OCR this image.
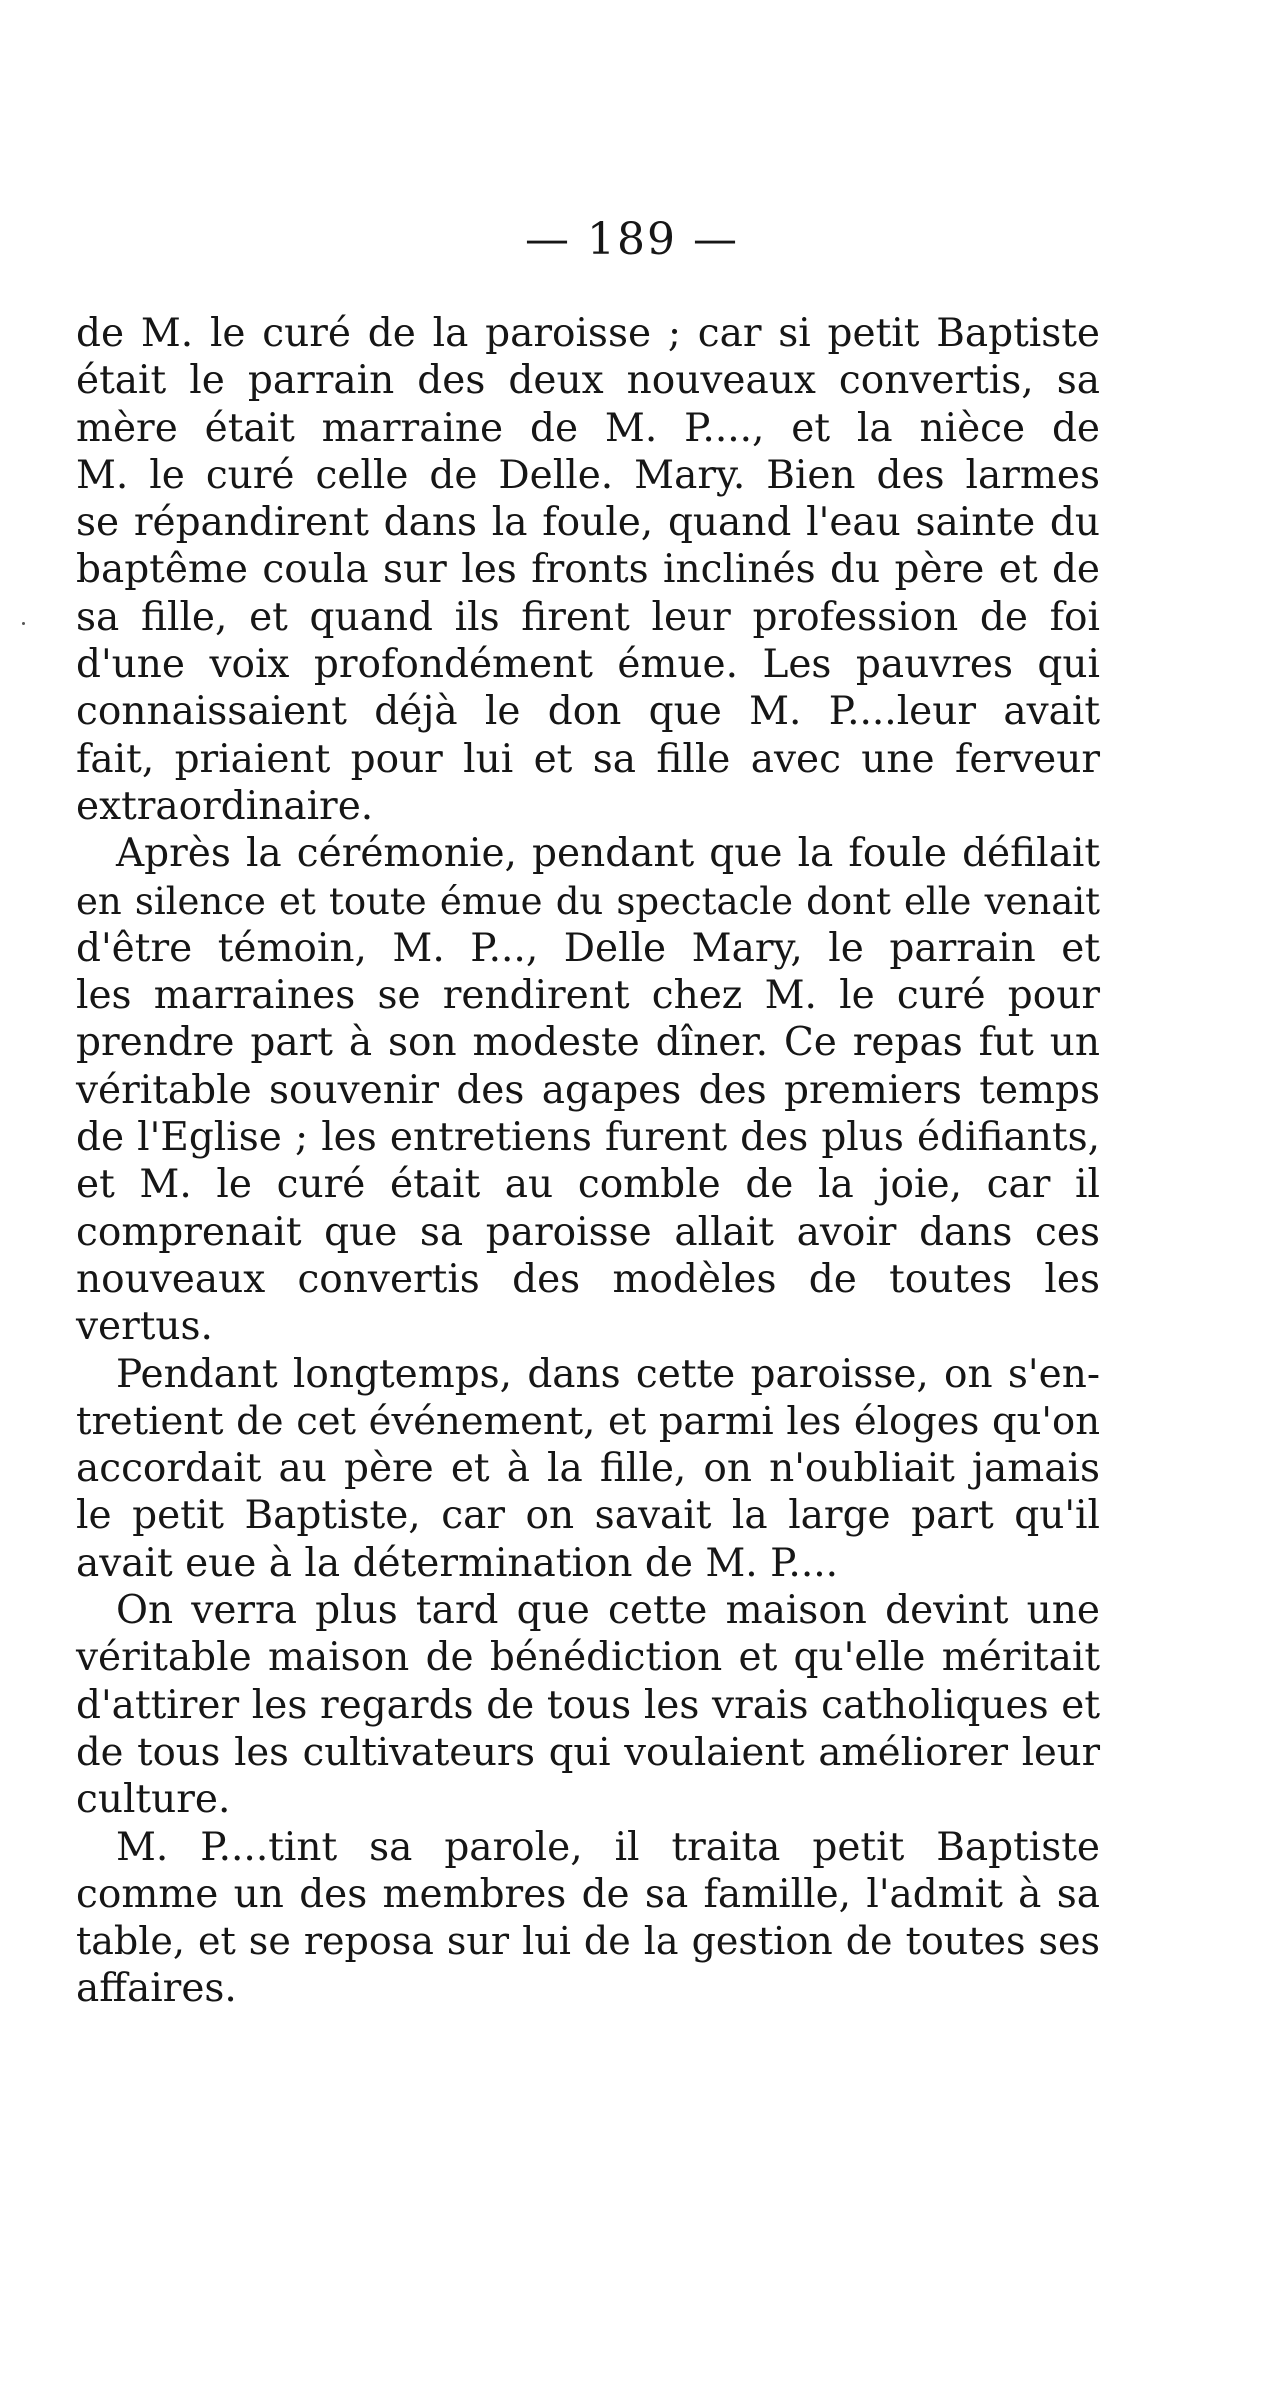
— 189 —
de M. le curé de la paroisse ; car si petit Baptiste
était le parrain des deux nouveaux convertis, sa
mère était marraine de M. P...., et la nièce de
M. le curé celle de Delle. Mary. Bien des larmes
se répandirent dans la foule, quand l'eau sainte du
baptême coula sur les fronts inclinés du père et de
sa fille, et quand ils firent leur profession de foi
d'une voix profondément émue. Les pauvres qui
connaissaient déjà le don que M. P....leur avait
fait, priaient pour lui et sa fille avec une ferveur
extraordinaire.
Après la cérémonie, pendant que la foule défilait
en silence et toute émue du spectacle dont elle venait
d'être témoin, M. P..., Delle Mary, le parrain et
les marraines se rendirent chez M. le curé pour
prendre part à son modeste dîner. Ce repas fut un
véritable souvenir des agapes des premiers temps
de l'Eglise ; les entretiens furent des plus édifiants,
et M. le curé était au comble de la joie, car il
comprenait que sa paroisse allait avoir dans ces
nouveaux convertis des modèles de toutes les
vertus.
Pendant longtemps, dans cette paroisse, on s'en-
tretient de cet événement, et parmi les éloges qu'on
accordait au père et à la fille, on n'oubliait jamais
le petit Baptiste, car on savait la large part qu'il
avait eue à la détermination de M. P....
On verra plus tard que cette maison devint une
véritable maison de bénédiction et qu'elle méritait
d'attirer les regards de tous les vrais catholiques et
de tous les cultivateurs qui voulaient améliorer leur
culture.
M. P....tint sa parole, il traita petit Baptiste
comme un des membres de sa famille, l'admit à sa
table, et se reposa sur lui de la gestion de toutes ses
affaires.
